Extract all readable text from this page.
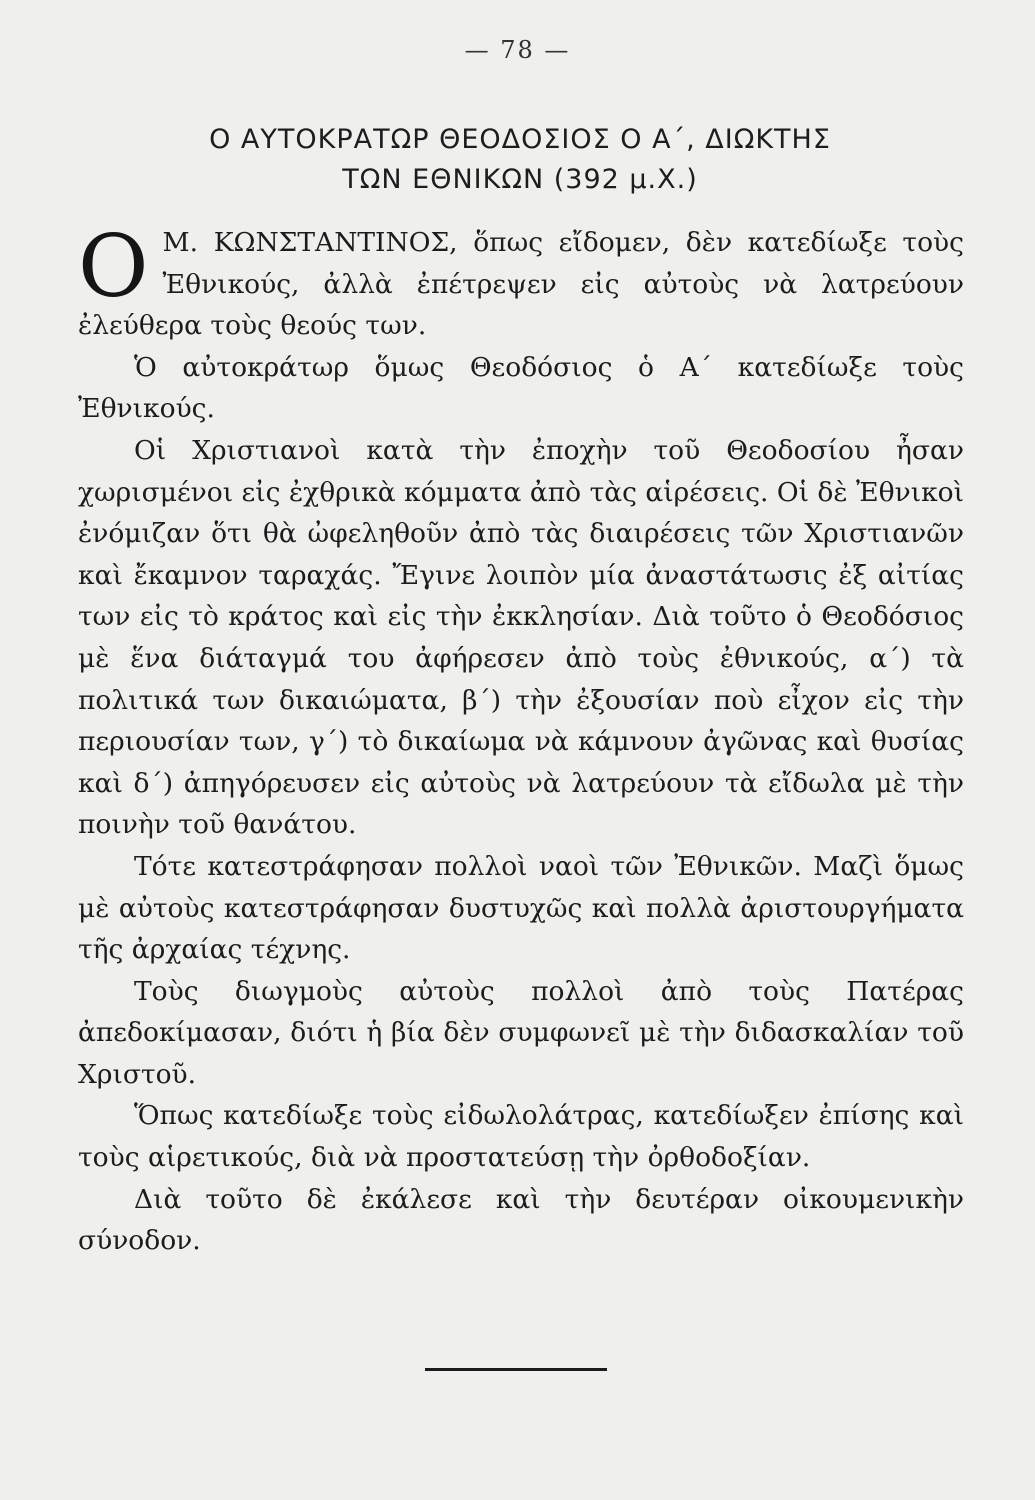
— 78 —
Ο ΑΥΤΟΚΡΑΤΩΡ ΘΕΟΔΟΣΙΟΣ Ο Α΄, ΔΙΩΚΤΗΣ
ΤΩΝ ΕΘΝΙΚΩΝ (392 μ.Χ.)

Ο Μ. ΚΩΝΣΤΑΝΤΙΝΟΣ, ὅπως εἴδομεν, δὲν κατεδίωξε τοὺς Ἐθνικούς, ἀλλὰ ἐπέτρεψεν εἰς αὐτοὺς νὰ λατρεύουν ἐλεύθερα τοὺς θεούς των.

Ὁ αὐτοκράτωρ ὅμως Θεοδόσιος ὁ Α΄ κατεδίωξε τοὺς Ἐθνικούς.

Οἱ Χριστιανοὶ κατὰ τὴν ἐποχὴν τοῦ Θεοδοσίου ἦσαν χωρισμένοι εἰς ἐχθρικὰ κόμματα ἀπὸ τὰς αἱρέσεις. Οἱ δὲ Ἐθνικοὶ ἐνόμιζαν ὅτι θὰ ὠφεληθοῦν ἀπὸ τὰς διαιρέσεις τῶν Χριστιανῶν καὶ ἔκαμνον ταραχάς. Ἔγινε λοιπὸν μία ἀναστάτωσις ἐξ αἰτίας των εἰς τὸ κράτος καὶ εἰς τὴν ἐκκλησίαν. Διὰ τοῦτο ὁ Θεοδόσιος μὲ ἕνα διάταγμά του ἀφήρεσεν ἀπὸ τοὺς ἐθνικούς, α΄) τὰ πολιτικά των δικαιώματα, β΄) τὴν ἐξουσίαν ποὺ εἶχον εἰς τὴν περιουσίαν των, γ΄) τὸ δικαίωμα νὰ κάμνουν ἀγῶνας καὶ θυσίας καὶ δ΄) ἀπηγόρευσεν εἰς αὐτοὺς νὰ λατρεύουν τὰ εἴδωλα μὲ τὴν ποινὴν τοῦ θανάτου.

Τότε κατεστράφησαν πολλοὶ ναοὶ τῶν Ἐθνικῶν. Μαζὶ ὅμως μὲ αὐτοὺς κατεστράφησαν δυστυχῶς καὶ πολλὰ ἀριστουργήματα τῆς ἀρχαίας τέχνης.

Τοὺς διωγμοὺς αὐτοὺς πολλοὶ ἀπὸ τοὺς Πατέρας ἀπεδοκίμασαν, διότι ἡ βία δὲν συμφωνεῖ μὲ τὴν διδασκαλίαν τοῦ Χριστοῦ.

Ὅπως κατεδίωξε τοὺς εἰδωλολάτρας, κατεδίωξεν ἐπίσης καὶ τοὺς αἱρετικούς, διὰ νὰ προστατεύσῃ τὴν ὀρθοδοξίαν.

Διὰ τοῦτο δὲ ἐκάλεσε καὶ τὴν δευτέραν οἰκουμενικὴν σύνοδον.
